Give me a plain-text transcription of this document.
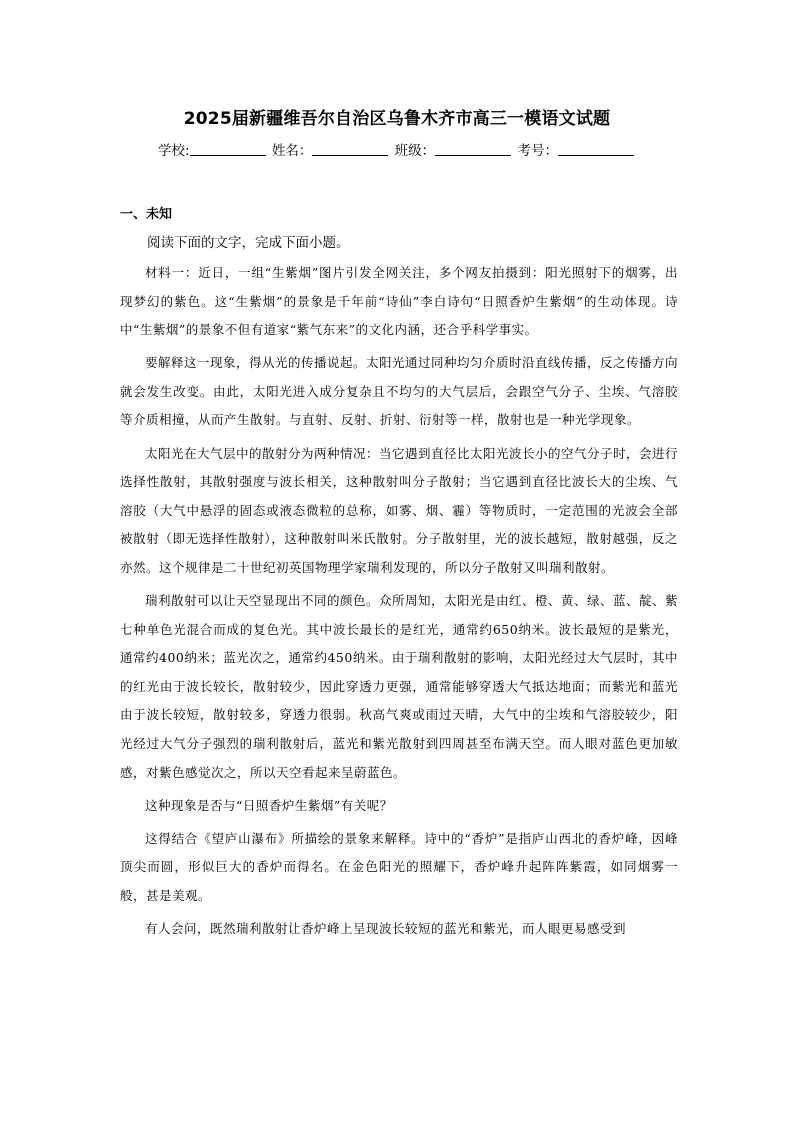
2025届新疆维吾尔自治区乌鲁木齐市高三一模语文试题
学校:	姓名：	班级：	考号：
一、未知

阅读下面的文字，完成下面小题。

材料一：近日，一组“生紫烟”图片引发全网关注，多个网友拍摄到：阳光照射下的烟雾，出现梦幻的紫色。这“生紫烟”的景象是千年前“诗仙”李白诗句“日照香炉生紫烟”的生动体现。诗中“生紫烟”的景象不但有道家“紫气东来”的文化内涵，还合乎科学事实。

要解释这一现象，得从光的传播说起。太阳光通过同种均匀介质时沿直线传播，反之传播方向就会发生改变。由此，太阳光进入成分复杂且不均匀的大气层后，会跟空气分子、尘埃、气溶胶等介质相撞，从而产生散射。与直射、反射、折射、衍射等一样，散射也是一种光学现象。

太阳光在大气层中的散射分为两种情况：当它遇到直径比太阳光波长小的空气分子时，会进行选择性散射，其散射强度与波长相关，这种散射叫分子散射；当它遇到直径比波长大的尘埃、气溶胶（大气中悬浮的固态或液态微粒的总称，如雾、烟、霾）等物质时，一定范围的光波会全部被散射（即无选择性散射），这种散射叫米氏散射。分子散射里，光的波长越短，散射越强，反之亦然。这个规律是二十世纪初英国物理学家瑞利发现的，所以分子散射又叫瑞利散射。

瑞利散射可以让天空显现出不同的颜色。众所周知，太阳光是由红、橙、黄、绿、蓝、靛、紫七种单色光混合而成的复色光。其中波长最长的是红光，通常约650纳米。波长最短的是紫光，通常约400纳米；蓝光次之，通常约450纳米。由于瑞利散射的影响，太阳光经过大气层时，其中的红光由于波长较长，散射较少，因此穿透力更强，通常能够穿透大气抵达地面；而紫光和蓝光由于波长较短，散射较多，穿透力很弱。秋高气爽或雨过天晴，大气中的尘埃和气溶胶较少，阳光经过大气分子强烈的瑞利散射后，蓝光和紫光散射到四周甚至布满天空。而人眼对蓝色更加敏感，对紫色感觉次之，所以天空看起来呈蔚蓝色。

这种现象是否与“日照香炉生紫烟”有关呢？

这得结合《望庐山瀑布》所描绘的景象来解释。诗中的“香炉”是指庐山西北的香炉峰，因峰顶尖而圆，形似巨大的香炉而得名。在金色阳光的照耀下，香炉峰升起阵阵紫霞，如同烟雾一般，甚是美观。

有人会问，既然瑞利散射让香炉峰上呈现波长较短的蓝光和紫光，而人眼更易感受到
